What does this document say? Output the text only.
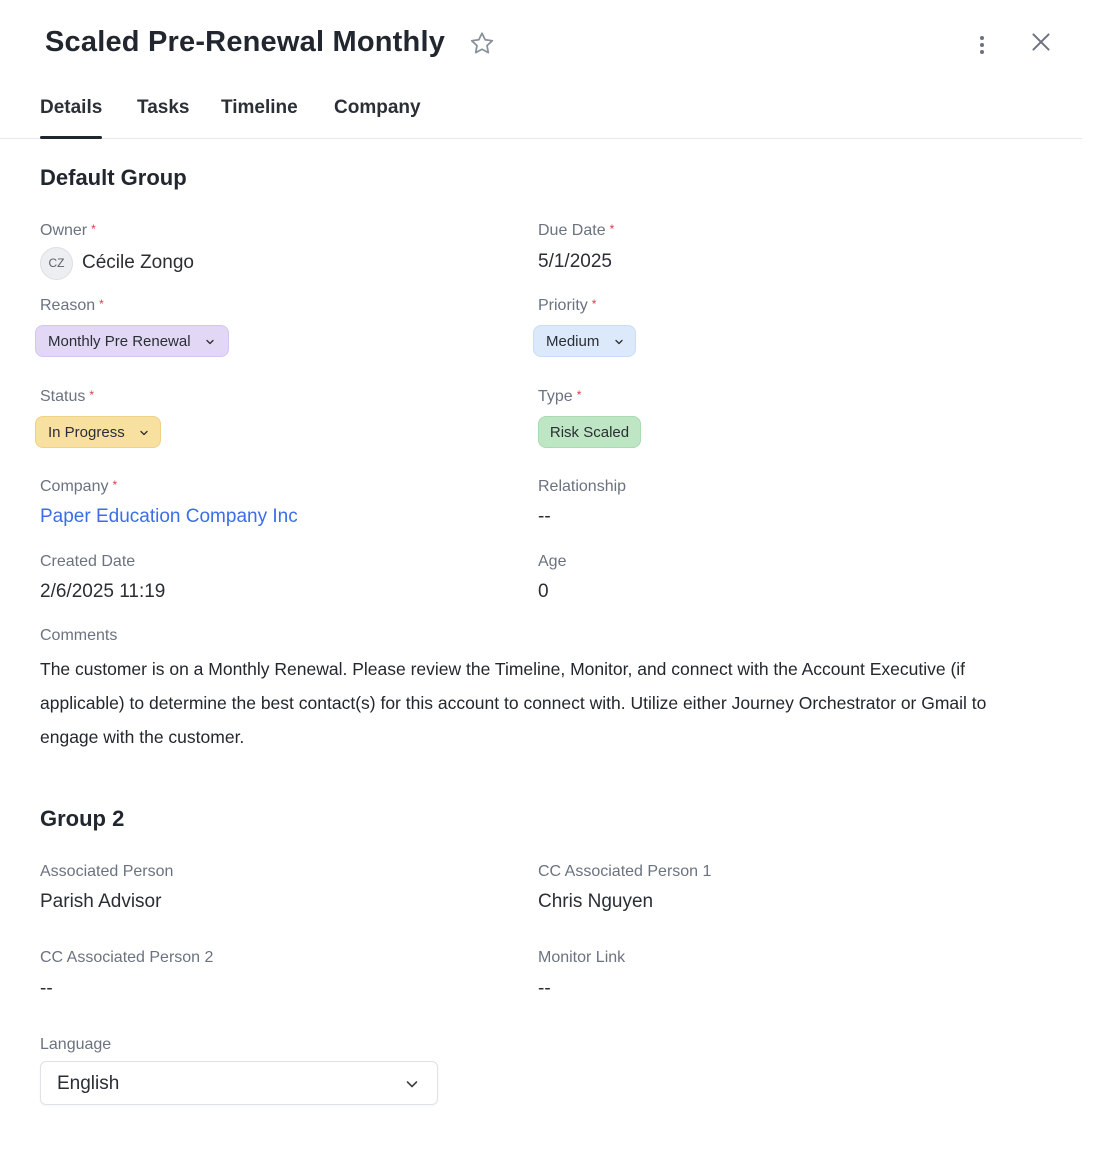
Scaled Pre-Renewal Monthly
Details Tasks Timeline Company
Default Group
Owner *
CZ Cécile Zongo
Due Date *
5/1/2025
Reason *
Monthly Pre Renewal
Priority *
Medium
Status *
In Progress
Type *
Risk Scaled
Company *
Paper Education Company Inc
Relationship
--
Created Date
2/6/2025 11:19
Age
0
Comments
The customer is on a Monthly Renewal. Please review the Timeline, Monitor, and connect with the Account Executive (if applicable) to determine the best contact(s) for this account to connect with. Utilize either Journey Orchestrator or Gmail to engage with the customer.
Group 2
Associated Person
Parish Advisor
CC Associated Person 1
Chris Nguyen
CC Associated Person 2
--
Monitor Link
--
Language
English
